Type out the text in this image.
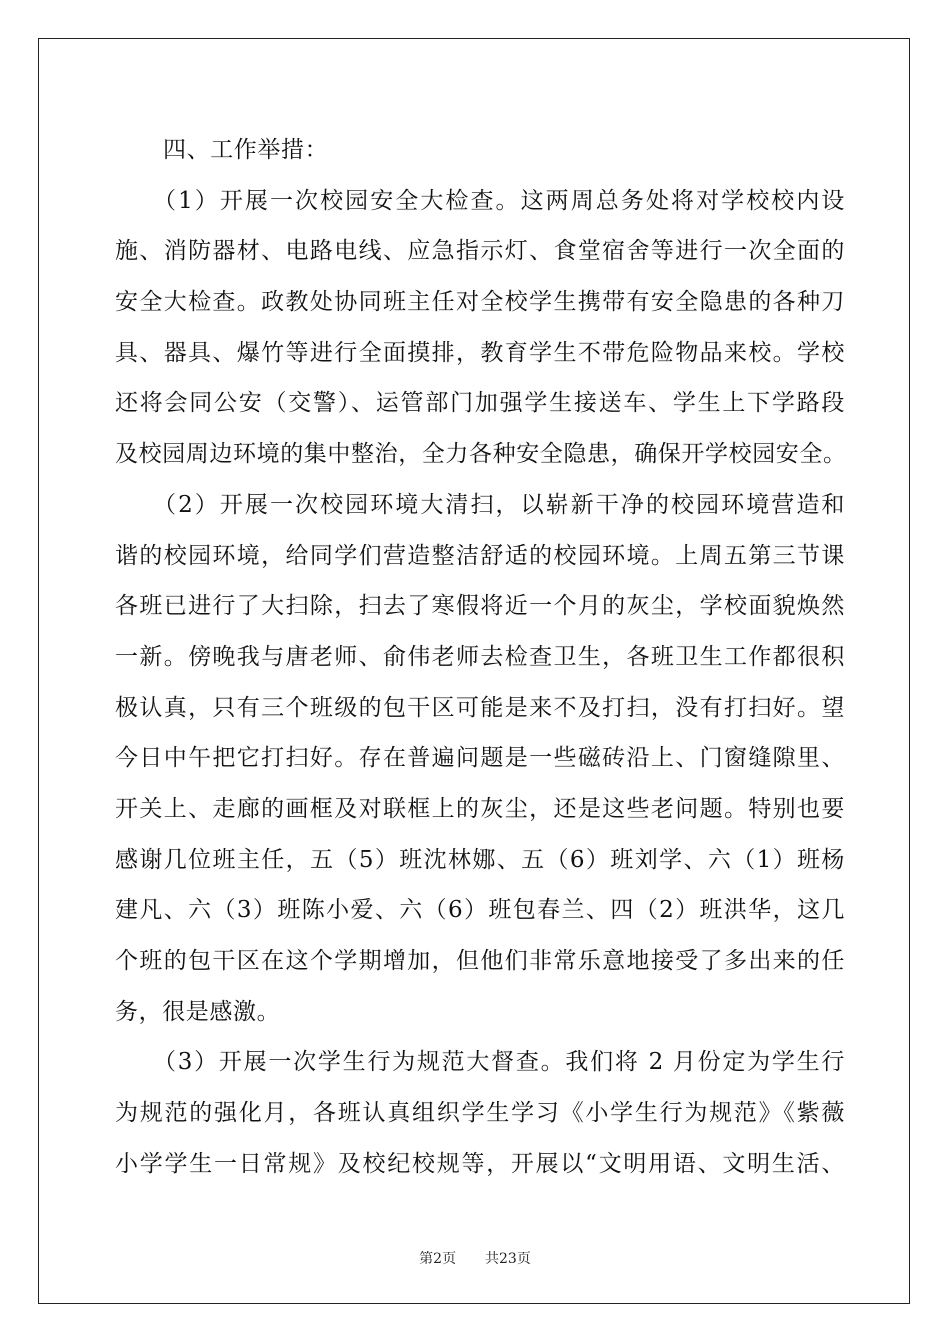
四、工作举措：
（1）开展一次校园安全大检查。这两周总务处将对学校校内设
施、消防器材、电路电线、应急指示灯、食堂宿舍等进行一次全面的
安全大检查。政教处协同班主任对全校学生携带有安全隐患的各种刀
具、器具、爆竹等进行全面摸排，教育学生不带危险物品来校。学校
还将会同公安（交警）、运管部门加强学生接送车、学生上下学路段
及校园周边环境的集中整治，全力各种安全隐患，确保开学校园安全。
（2）开展一次校园环境大清扫，以崭新干净的校园环境营造和
谐的校园环境，给同学们营造整洁舒适的校园环境。上周五第三节课
各班已进行了大扫除，扫去了寒假将近一个月的灰尘，学校面貌焕然
一新。傍晚我与唐老师、俞伟老师去检查卫生，各班卫生工作都很积
极认真，只有三个班级的包干区可能是来不及打扫，没有打扫好。望
今日中午把它打扫好。存在普遍问题是一些磁砖沿上、门窗缝隙里、
开关上、走廊的画框及对联框上的灰尘，还是这些老问题。特别也要
感谢几位班主任，五（5）班沈林娜、五（6）班刘学、六（1）班杨
建凡、六（3）班陈小爱、六（6）班包春兰、四（2）班洪华，这几
个班的包干区在这个学期增加，但他们非常乐意地接受了多出来的任
务，很是感激。
（3）开展一次学生行为规范大督查。我们将 2 月份定为学生行
为规范的强化月，各班认真组织学生学习《小学生行为规范》《紫薇
小学学生一日常规》及校纪校规等，开展以“文明用语、文明生活、
第2页 共23页
